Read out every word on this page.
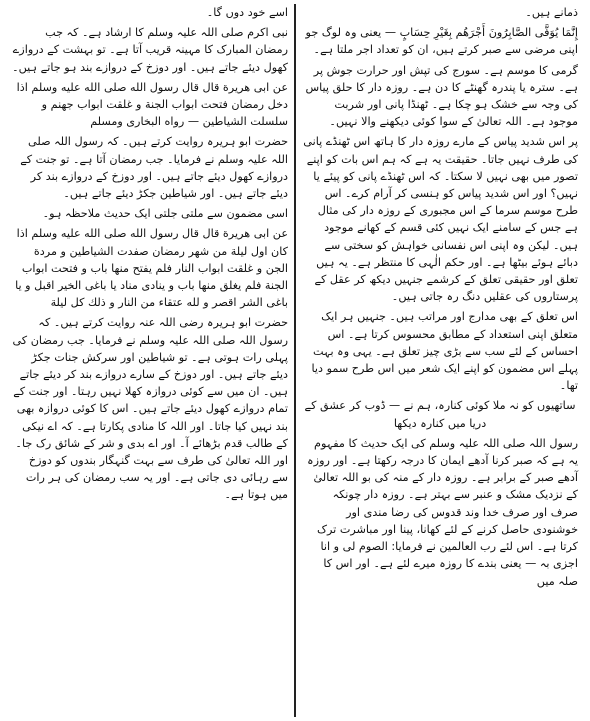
ذمانے ہیں۔

إِنَّمَا يُوَفَّى الصَّابِرُونَ أَجْرَهُم بِغَيْرِ حِسَابٍ — یعنی وہ لوگ جو اپنی مرضی سے صبر کرتے ہیں، ان کو تعداد اجر ملتا ہے۔

گرمی کا موسم ہے۔ سورج کی تپش اور حرارت جوش پر ہے۔ سترہ یا پندرہ گھنٹے کا دن ہے۔ روزہ دار کا حلق پیاس کی وجہ سے خشک ہو چکا ہے۔ ٹھنڈا پانی اور شربت موجود ہے۔ اللہ تعالیٰ کے سوا کوئی دیکھنے والا نہیں۔

پر اس شدید پیاس کے مارے روزہ دار کا ہاتھ اس ٹھنڈے پانی کی طرف نہیں جاتا۔ حقیقت یہ ہے کہ ہم اس بات کو اپنے تصور میں بھی نہیں لا سکتا۔ کہ اس ٹھنڈے پانی کو پیئے یا نہیں؟ اور اس شدید پیاس کو ہنسی کر آرام کرے۔ اس طرح موسم سرما کے اس مجبوری کے روزہ دار کی مثال ہے جس کے سامنے ایک نہیں کئی قسم کے کھانے موجود ہیں۔ لیکن وہ اپنی اس نفسانی خواہش کو سختی سے دبائے ہوئے بیٹھا ہے۔ اور حکم الٰہی کا منتظر ہے۔ یہ ہیں تعلق اور حقیقی تعلق کے کرشمے جنہیں دیکھ کر عقل کے پرستاروں کی عقلیں دنگ رہ جاتی ہیں۔

اس تعلق کے بھی مدارج اور مراتب ہیں۔ جنہیں ہر ایک متعلق اپنی استعداد کے مطابق محسوس کرتا ہے۔ اس احساس کے لئے سب سے بڑی چیز تعلق ہے۔ یہی وہ بہت پہلے اس مضمون کو اپنے ایک شعر میں اس طرح سمو دیا تھا۔

ساتھیوں کو نہ ملا کوئی کنارہ، ہم نے — ڈوب کر عشق کے دریا میں کنارہ دیکھا

رسول اللہ صلی اللہ علیہ وسلم کی ایک حدیث کا مفہوم یہ ہے کہ صبر کرنا آدھے ایمان کا درجہ رکھتا ہے۔ اور روزہ آدھے صبر کے برابر ہے۔ روزہ دار کے منہ کی بو اللہ تعالیٰ کے نزدیک مشک و عنبر سے بہتر ہے۔ روزہ دار چونکہ صرف اور صرف خدا وند قدوس کی رضا مندی اور خوشنودی حاصل کرنے کے لئے کھانا، پینا اور مباشرت ترک کرتا ہے۔ اس لئے رب العالمین نے فرمایا: الصوم لی و انا اجزی بہ — یعنی بندے کا روزہ میرے لئے ہے۔ اور اس کا صلہ میں

اسے خود دوں گا۔

نبی اکرم صلی اللہ علیہ وسلم کا ارشاد ہے۔ کہ جب رمضان المبارک کا مہینہ قریب آتا ہے۔ تو بہشت کے دروازے کھول دیئے جاتے ہیں۔ اور دوزخ کے دروازے بند ہو جاتے ہیں۔

عن ابی هريرة قال قال رسول الله صلى الله عليه وسلم اذا دخل رمضان فتحت ابواب الجنة و غلقت ابواب جهنم و سلسلت الشياطين — رواه البخارى ومسلم

حضرت ابو ہریرہ روایت کرتے ہیں۔ کہ رسول اللہ صلی اللہ علیہ وسلم نے فرمایا۔ جب رمضان آتا ہے۔ تو جنت کے دروازے کھول دیئے جاتے ہیں۔ اور دوزخ کے دروازے بند کر دیئے جاتے ہیں۔ اور شیاطین جکڑ دیئے جاتے ہیں۔

اسی مضمون سے ملتی جلتی ایک حدیث ملاحظہ ہو۔

عن ابی هريرة قال قال رسول الله صلى الله عليه وسلم اذا كان اول ليلة من شهر رمضان صفدت الشياطين و مردة الجن و غلقت ابواب النار فلم يفتح منها باب و فتحت ابواب الجنة فلم يغلق منها باب و ينادى مناد يا باغى الخير اقبل و يا باغى الشر اقصر و لله عتقاء من النار و ذلك كل ليلة

حضرت ابو ہریرہ رضی اللہ عنہ روایت کرتے ہیں۔ کہ رسول اللہ صلی اللہ علیہ وسلم نے فرمایا۔ جب رمضان کی پہلی رات ہوتی ہے۔ تو شیاطین اور سرکش جنات جکڑ دیئے جاتے ہیں۔ اور دوزخ کے سارے دروازے بند کر دیئے جاتے ہیں۔ ان میں سے کوئی دروازہ کھلا نہیں رہتا۔ اور جنت کے تمام دروازے کھول دیئے جاتے ہیں۔ اس کا کوئی دروازہ بھی بند نہیں کیا جاتا۔ اور اللہ کا منادی پکارتا ہے۔ کہ اے نیکی کے طالب قدم بڑھائے آ۔ اور اے بدی و شر کے شائق رک جا۔ اور اللہ تعالیٰ کی طرف سے بہت گنہگار بندوں کو دوزخ سے رہائی دی جاتی ہے۔ اور یہ سب رمضان کی ہر رات میں ہوتا ہے۔
